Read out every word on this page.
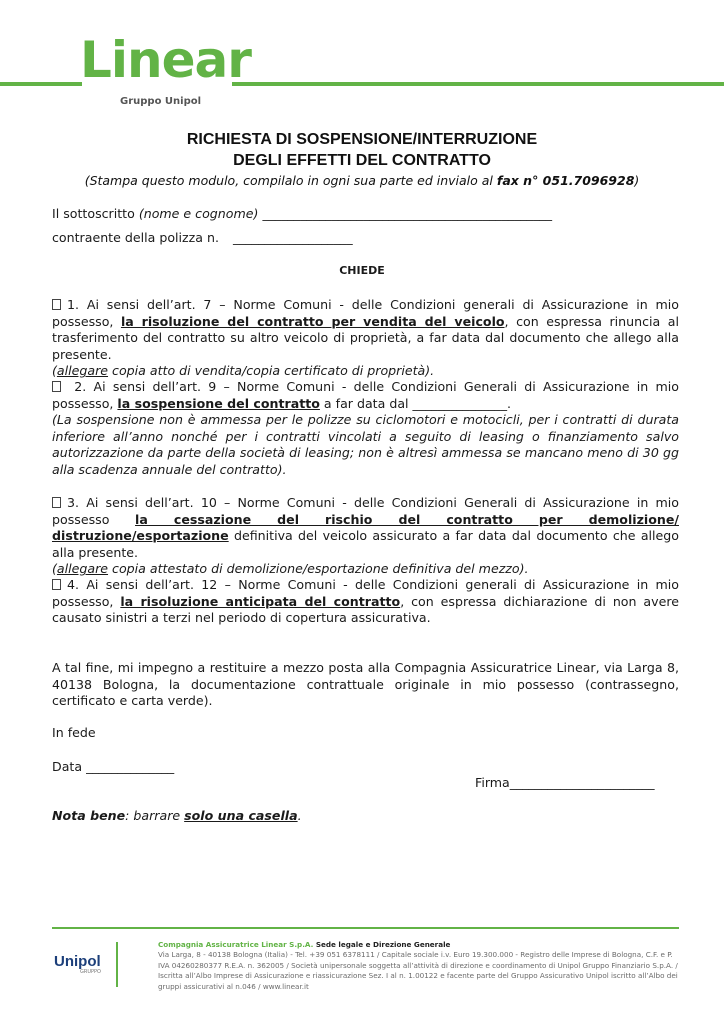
Linear
Gruppo Unipol
RICHIESTA DI SOSPENSIONE/INTERRUZIONE
DEGLI EFFETTI DEL CONTRATTO
(Stampa questo modulo, compilalo in ogni sua parte ed invialo al fax n° 051.7096928)
Il sottoscritto (nome e cognome) ______________________________________________
contraente della polizza n. ___________________
CHIEDE
1. Ai sensi dell’art. 7 – Norme Comuni - delle Condizioni generali di Assicurazione in mio possesso, la risoluzione del contratto per vendita del veicolo, con espressa rinuncia al trasferimento del contratto su altro veicolo di proprietà, a far data dal documento che allego alla presente.
(allegare copia atto di vendita/copia certificato di proprietà).
2. Ai sensi dell’art. 9 – Norme Comuni - delle Condizioni Generali di Assicurazione in mio possesso, la sospensione del contratto a far data dal _______________.
(La sospensione non è ammessa per le polizze su ciclomotori e motocicli, per i contratti di durata inferiore all’anno nonché per i contratti vincolati a seguito di leasing o finanziamento salvo autorizzazione da parte della società di leasing; non è altresì ammessa se mancano meno di 30 gg alla scadenza annuale del contratto).
3. Ai sensi dell’art. 10 – Norme Comuni - delle Condizioni Generali di Assicurazione in mio possesso la cessazione del rischio del contratto per demolizione/ distruzione/esportazione definitiva del veicolo assicurato a far data dal documento che allego alla presente.
(allegare copia attestato di demolizione/esportazione definitiva del mezzo).
4. Ai sensi dell’art. 12 – Norme Comuni - delle Condizioni generali di Assicurazione in mio possesso, la risoluzione anticipata del contratto, con espressa dichiarazione di non avere causato sinistri a terzi nel periodo di copertura assicurativa.
A tal fine, mi impegno a restituire a mezzo posta alla Compagnia Assicuratrice Linear, via Larga 8, 40138 Bologna, la documentazione contrattuale originale in mio possesso (contrassegno, certificato e carta verde).
In fede
Data ______________
Firma_______________________
Nota bene: barrare solo una casella.
Unipol
GRUPPO
Compagnia Assicuratrice Linear S.p.A. Sede legale e Direzione Generale
Via Larga, 8 - 40138 Bologna (Italia) - Tel. +39 051 6378111 / Capitale sociale i.v. Euro 19.300.000 - Registro delle Imprese di Bologna, C.F. e P. IVA 04260280377 R.E.A. n. 362005 / Società unipersonale soggetta all’attività di direzione e coordinamento di Unipol Gruppo Finanziario S.p.A. / Iscritta all’Albo Imprese di Assicurazione e riassicurazione Sez. I al n. 1.00122 e facente parte del Gruppo Assicurativo Unipol iscritto all’Albo dei gruppi assicurativi al n.046 / www.linear.it
